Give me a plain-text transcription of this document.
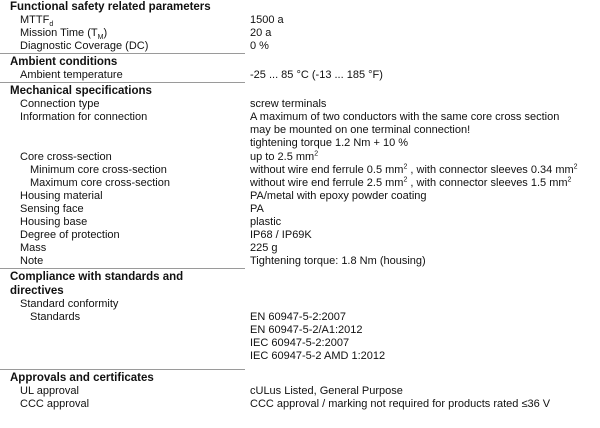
Functional safety related parameters
$MTTF_d$	1500 a
Mission Time $(T_M)$	20 a
Diagnostic Coverage (DC)	0 %
Ambient conditions
Ambient temperature	-25 ... 85 °C (-13 ... 185 °F)
Mechanical specifications
Connection type	screw terminals
Information for connection	A maximum of two conductors with the same core cross section
may be mounted on one terminal connection!
tightening torque 1.2 Nm + 10 %
Core cross-section	up to 2.5 $mm^2$
Minimum core cross-section	without wire end ferrule 0.5 $mm^2$ , with connector sleeves 0.34 $mm^2$
Maximum core cross-section	without wire end ferrule 2.5 $mm^2$ , with connector sleeves 1.5 $mm^2$
Housing material	PA/metal with epoxy powder coating
Sensing face	PA
Housing base	plastic
Degree of protection	IP68 / IP69K
Mass	225 g
Note	Tightening torque: 1.8 Nm (housing)
Compliance with standards and
directives
Standard conformity
Standards	EN 60947-5-2:2007
EN 60947-5-2/A1:2012
IEC 60947-5-2:2007
IEC 60947-5-2 AMD 1:2012
Approvals and certificates
UL approval	cULus Listed, General Purpose
CCC approval	CCC approval / marking not required for products rated ≤36 V
